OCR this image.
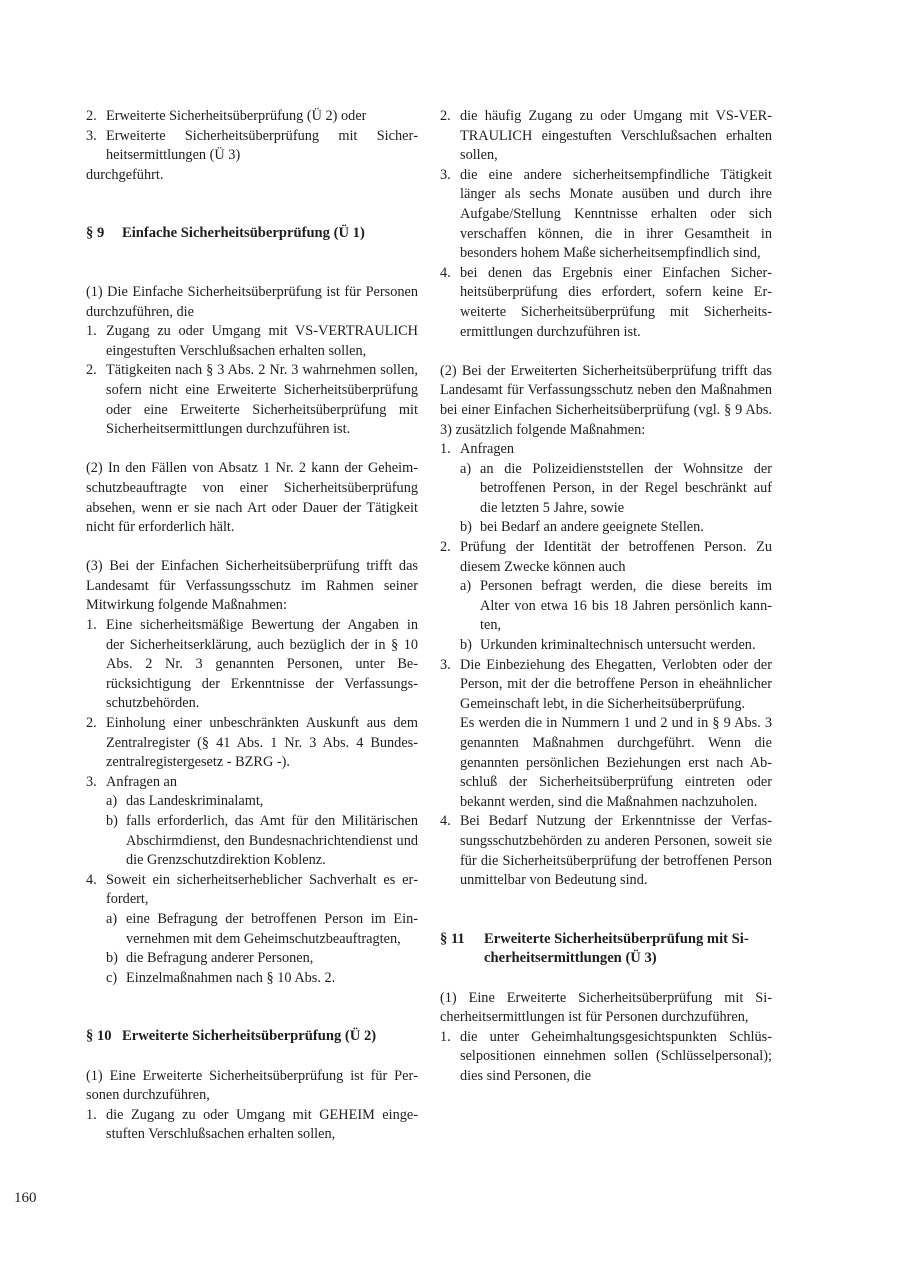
2. Erweiterte Sicherheitsüberprüfung (Ü 2) oder
3. Erweiterte Sicherheitsüberprüfung mit Sicherheitsermittlungen (Ü 3)

durchgeführt.

§ 9 Einfache Sicherheitsüberprüfung (Ü 1)

(1) Die Einfache Sicherheitsüberprüfung ist für Personen durchzuführen, die

1. Zugang zu oder Umgang mit VS-VERTRAULICH eingestuften Verschlußsachen erhalten sollen,
2. Tätigkeiten nach § 3 Abs. 2 Nr. 3 wahrnehmen sollen, sofern nicht eine Erweiterte Sicherheitsüberprüfung oder eine Erweiterte Sicherheitsüberprüfung mit Sicherheitsermittlungen durchzuführen ist.

(2) In den Fällen von Absatz 1 Nr. 2 kann der Geheimschutzbeauftragte von einer Sicherheitsüberprüfung absehen, wenn er sie nach Art oder Dauer der Tätigkeit nicht für erforderlich hält.

(3) Bei der Einfachen Sicherheitsüberprüfung trifft das Landesamt für Verfassungsschutz im Rahmen seiner Mitwirkung folgende Maßnahmen:

1. Eine sicherheitsmäßige Bewertung der Angaben in der Sicherheitserklärung, auch bezüglich der in § 10 Abs. 2 Nr. 3 genannten Personen, unter Berücksichtigung der Erkenntnisse der Verfassungsschutzbehörden.
2. Einholung einer unbeschränkten Auskunft aus dem Zentralregister (§ 41 Abs. 1 Nr. 3 Abs. 4 Bundeszentralregistergesetz - BZRG -).
3. Anfragen an
a) das Landeskriminalamt,
b) falls erforderlich, das Amt für den Militärischen Abschirmdienst, den Bundesnachrichtendienst und die Grenzschutzdirektion Koblenz.
4. Soweit ein sicherheitserheblicher Sachverhalt es erfordert,
a) eine Befragung der betroffenen Person im Einvernehmen mit dem Geheimschutzbeauftragten,
b) die Befragung anderer Personen,
c) Einzelmaßnahmen nach § 10 Abs. 2.

§ 10 Erweiterte Sicherheitsüberprüfung (Ü 2)

(1) Eine Erweiterte Sicherheitsüberprüfung ist für Personen durchzuführen,

1. die Zugang zu oder Umgang mit GEHEIM eingestuften Verschlußsachen erhalten sollen,
2. die häufig Zugang zu oder Umgang mit VS-VERTRAULICH eingestuften Verschlußsachen erhalten sollen,
3. die eine andere sicherheitsempfindliche Tätigkeit länger als sechs Monate ausüben und durch ihre Aufgabe/Stellung Kenntnisse erhalten oder sich verschaffen können, die in ihrer Gesamtheit in besonders hohem Maße sicherheitsempfindlich sind,
4. bei denen das Ergebnis einer Einfachen Sicherheitsüberprüfung dies erfordert, sofern keine Erweiterte Sicherheitsüberprüfung mit Sicherheitsermittlungen durchzuführen ist.

(2) Bei der Erweiterten Sicherheitsüberprüfung trifft das Landesamt für Verfassungsschutz neben den Maßnahmen bei einer Einfachen Sicherheitsüberprüfung (vgl. § 9 Abs. 3) zusätzlich folgende Maßnahmen:

1. Anfragen
a) an die Polizeidienststellen der Wohnsitze der betroffenen Person, in der Regel beschränkt auf die letzten 5 Jahre, sowie
b) bei Bedarf an andere geeignete Stellen.
2. Prüfung der Identität der betroffenen Person. Zu diesem Zwecke können auch
a) Personen befragt werden, die diese bereits im Alter von etwa 16 bis 18 Jahren persönlich kannten,
b) Urkunden kriminaltechnisch untersucht werden.
3. Die Einbeziehung des Ehegatten, Verlobten oder der Person, mit der die betroffene Person in eheähnlicher Gemeinschaft lebt, in die Sicherheitsüberprüfung.
Es werden die in Nummern 1 und 2 und in § 9 Abs. 3 genannten Maßnahmen durchgeführt. Wenn die genannten persönlichen Beziehungen erst nach Abschluß der Sicherheitsüberprüfung eintreten oder bekannt werden, sind die Maßnahmen nachzuholen.
4. Bei Bedarf Nutzung der Erkenntnisse der Verfassungsschutzbehörden zu anderen Personen, soweit sie für die Sicherheitsüberprüfung der betroffenen Person unmittelbar von Bedeutung sind.

§ 11 Erweiterte Sicherheitsüberprüfung mit Sicherheitsermittlungen (Ü 3)

(1) Eine Erweiterte Sicherheitsüberprüfung mit Sicherheitsermittlungen ist für Personen durchzuführen,

1. die unter Geheimhaltungsgesichtspunkten Schlüsselpositionen einnehmen sollen (Schlüsselpersonal); dies sind Personen, die
160
